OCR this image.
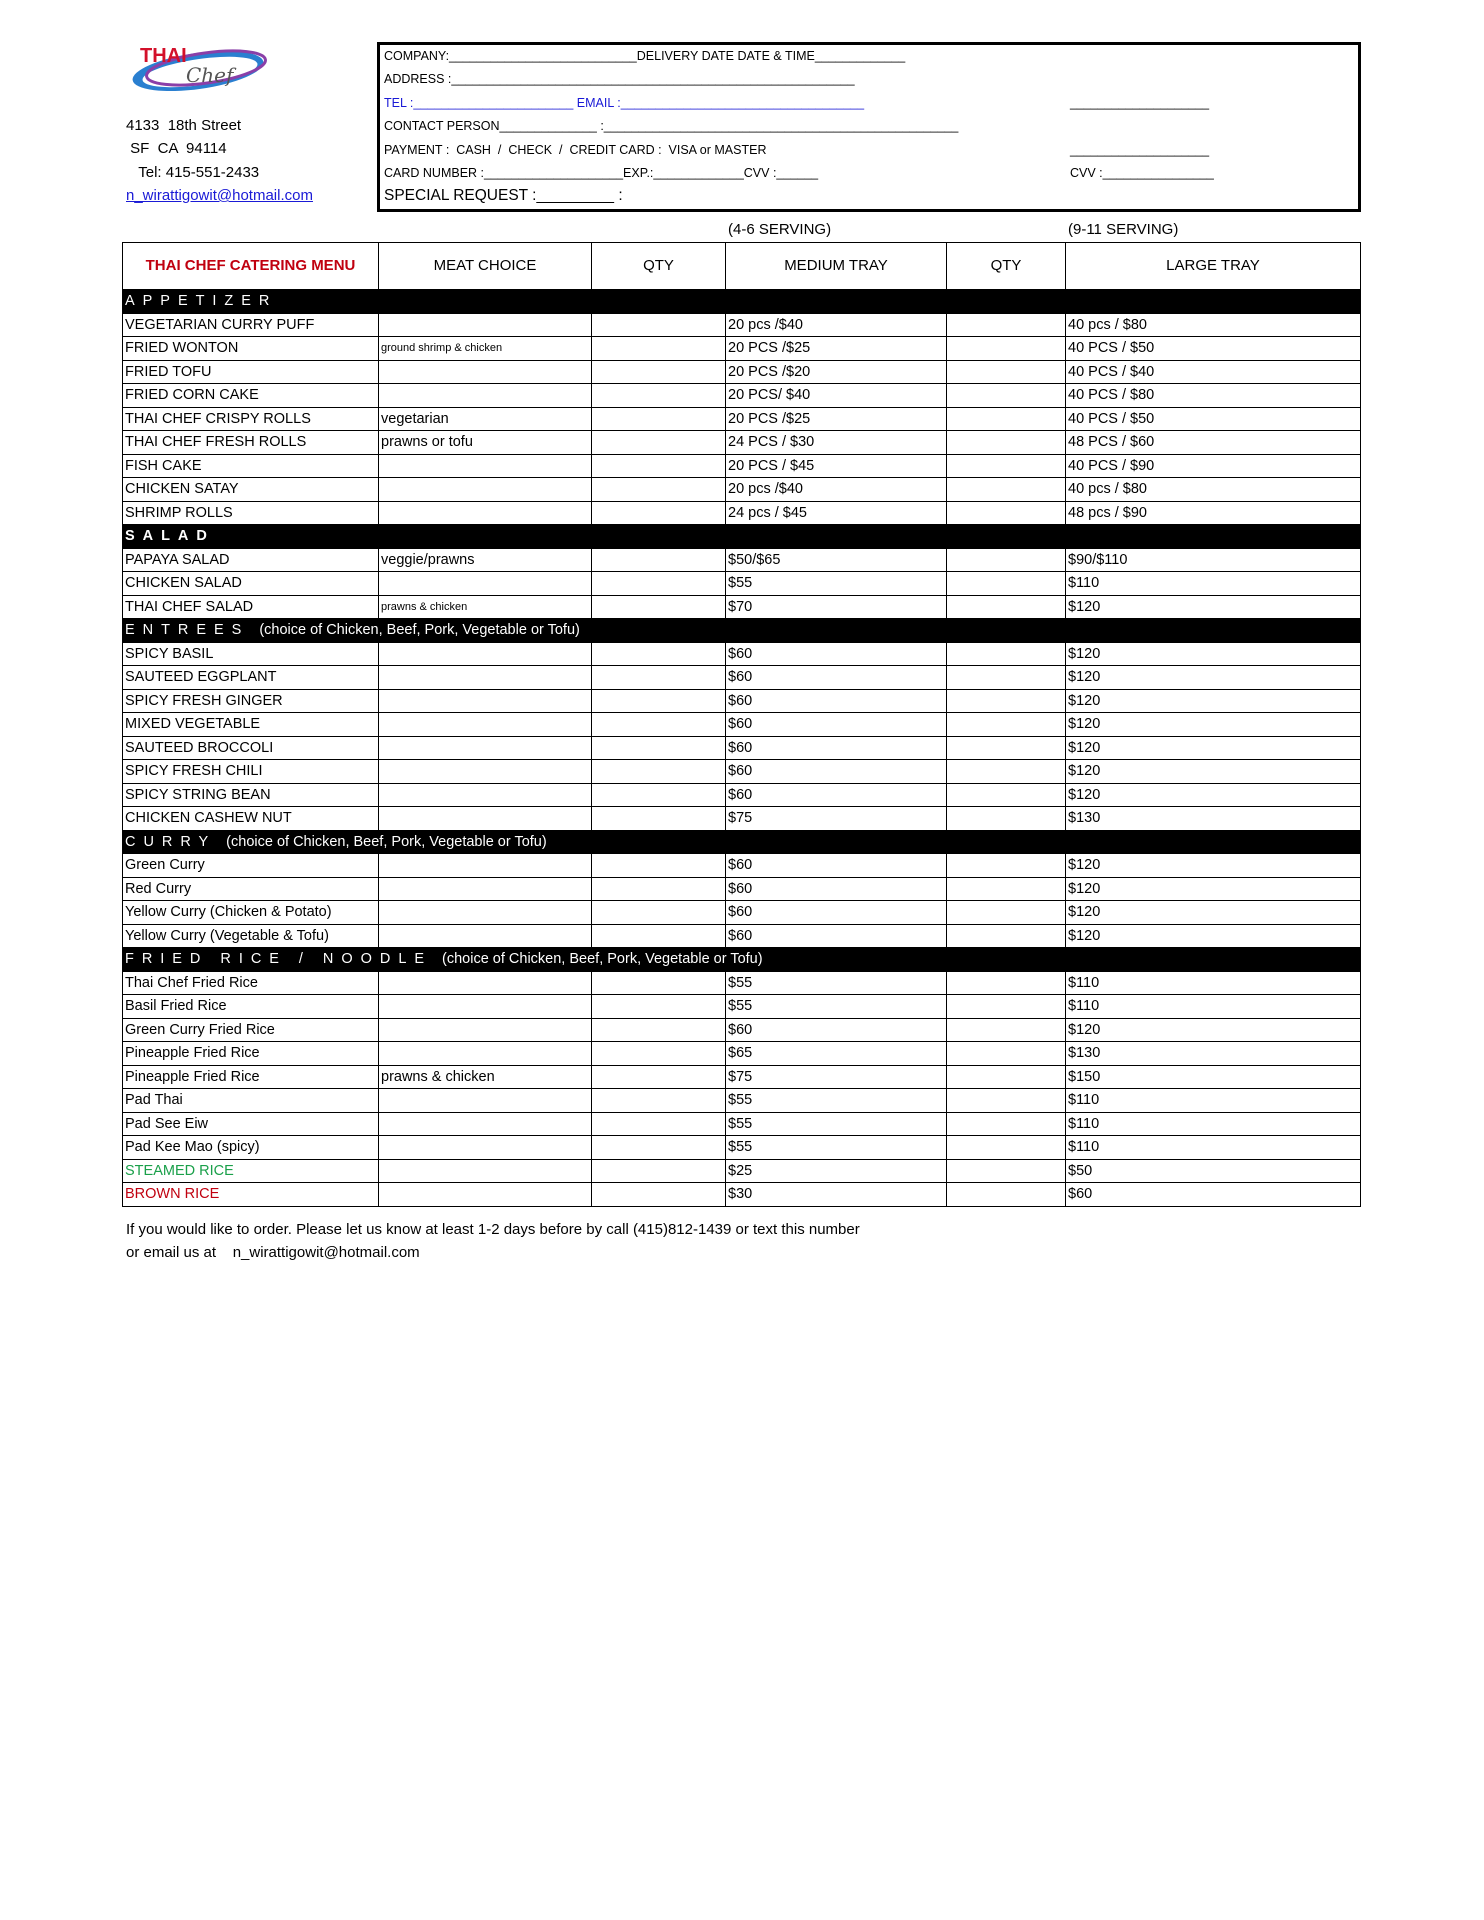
THAI
Chef
4133  18th Street
SF  CA  94114
Tel: 415-551-2433
n_wirattigowit@hotmail.com
COMPANY:___________________________DELIVERY DATE DATE & TIME_____________
ADDRESS :__________________________________________________________
TEL :_______________________ EMAIL :___________________________________	____________________
CONTACT PERSON______________ :___________________________________________________
PAYMENT :  CASH  /  CHECK  /  CREDIT CARD :  VISA or MASTER	____________________
CARD NUMBER :____________________EXP.:_____________CVV :______	CVV :________________
SPECIAL REQUEST :_________ :
(4-6 SERVING)	(9-11 SERVING)
THAI CHEF CATERING MENU	MEAT CHOICE	QTY	MEDIUM TRAY	QTY	LARGE TRAY
APPETIZER					
VEGETARIAN CURRY PUFF			20 pcs /$40		40 pcs / $80
FRIED WONTON	ground shrimp & chicken		20 PCS /$25		40 PCS / $50
FRIED TOFU			20 PCS /$20		40 PCS / $40
FRIED CORN CAKE			20 PCS/ $40		40 PCS / $80
THAI CHEF CRISPY ROLLS	vegetarian		20 PCS /$25		40 PCS / $50
THAI CHEF FRESH ROLLS	prawns or tofu		24 PCS / $30		48 PCS / $60
FISH CAKE			20 PCS / $45		40 PCS / $90
CHICKEN SATAY			20 pcs /$40		40 pcs / $80
SHRIMP ROLLS			24 pcs / $45		48 pcs / $90
SALAD					
PAPAYA SALAD	veggie/prawns		$50/$65		$90/$110
CHICKEN SALAD			$55		$110
THAI CHEF SALAD	prawns & chicken		$70		$120
ENTREES (choice of Chicken, Beef, Pork, Vegetable or Tofu)					
SPICY BASIL			$60		$120
SAUTEED EGGPLANT			$60		$120
SPICY FRESH GINGER			$60		$120
MIXED VEGETABLE			$60		$120
SAUTEED BROCCOLI			$60		$120
SPICY FRESH CHILI			$60		$120
SPICY STRING BEAN			$60		$120
CHICKEN CASHEW NUT			$75		$130
CURRY (choice of Chicken, Beef, Pork, Vegetable or Tofu)					
Green Curry			$60		$120
Red Curry			$60		$120
Yellow Curry (Chicken & Potato)			$60		$120
Yellow Curry (Vegetable & Tofu)			$60		$120
FRIED RICE / NOODLE (choice of Chicken, Beef, Pork, Vegetable or Tofu)					
Thai Chef Fried Rice			$55		$110
Basil Fried Rice			$55		$110
Green Curry Fried Rice			$60		$120
Pineapple Fried Rice			$65		$130
Pineapple Fried Rice	prawns & chicken		$75		$150
Pad Thai			$55		$110
Pad See Eiw			$55		$110
Pad Kee Mao (spicy)			$55		$110
STEAMED RICE			$25		$50
BROWN RICE			$30		$60
If you would like to order. Please let us know at least 1-2 days before by call (415)812-1439 or text this number
or email us at    n_wirattigowit@hotmail.com
